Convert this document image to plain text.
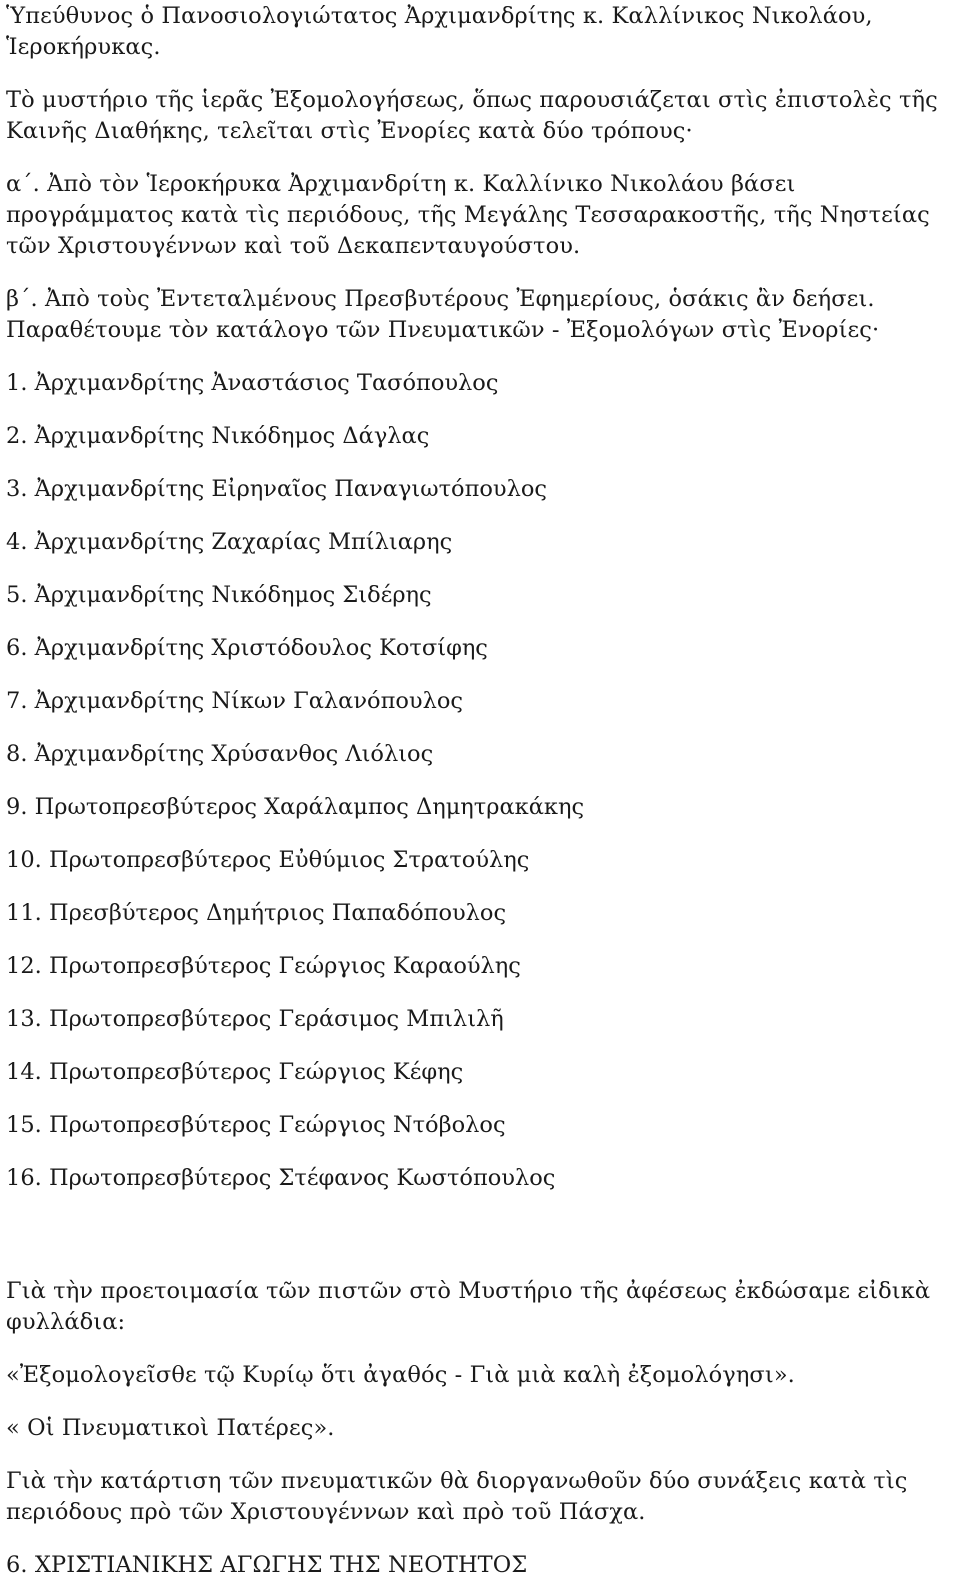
Ὑπεύθυνος ὁ Πανοσιολογιώτατος Ἀρχιμανδρίτης κ. Καλλίνικος Νικολάου,

Ἱεροκήρυκας.

Τὸ μυστήριο τῆς ἱερᾶς Ἐξομολογήσεως, ὅπως παρουσιάζεται στὶς ἐπιστολὲς τῆς

Καινῆς Διαθήκης, τελεῖται στὶς Ἐνορίες κατὰ δύο τρόπους·

α΄. Ἀπὸ τὸν Ἱεροκήρυκα Ἀρχιμανδρίτη κ. Καλλίνικο Νικολάου βάσει

προγράμματος κατὰ τὶς περιόδους, τῆς Μεγάλης Τεσσαρακοστῆς, τῆς Νηστείας

τῶν Χριστουγέννων καὶ τοῦ Δεκαπενταυγούστου.

β΄. Ἀπὸ τοὺς Ἐντεταλμένους Πρεσβυτέρους Ἐφημερίους, ὁσάκις ἂν δεήσει.

Παραθέτουμε τὸν κατάλογο τῶν Πνευματικῶν - Ἐξομολόγων στὶς Ἐνορίες·

1. Ἀρχιμανδρίτης Ἀναστάσιος Τασόπουλος

2. Ἀρχιμανδρίτης Νικόδημος Δάγλας

3. Ἀρχιμανδρίτης Εἰρηναῖος Παναγιωτόπουλος

4. Ἀρχιμανδρίτης Ζαχαρίας Μπίλιαρης

5. Ἀρχιμανδρίτης Νικόδημος Σιδέρης

6. Ἀρχιμανδρίτης Χριστόδουλος Κοτσίφης

7. Ἀρχιμανδρίτης Νίκων Γαλανόπουλος

8. Ἀρχιμανδρίτης Χρύσανθος Λιόλιος

9. Πρωτοπρεσβύτερος Χαράλαμπος Δημητρακάκης

10. Πρωτοπρεσβύτερος Εὐθύμιος Στρατούλης

11. Πρεσβύτερος Δημήτριος Παπαδόπουλος

12. Πρωτοπρεσβύτερος Γεώργιος Καραούλης

13. Πρωτοπρεσβύτερος Γεράσιμος Μπιλιλῆ

14. Πρωτοπρεσβύτερος Γεώργιος Κέφης

15. Πρωτοπρεσβύτερος Γεώργιος Ντόβολος

16. Πρωτοπρεσβύτερος Στέφανος Κωστόπουλος

Γιὰ τὴν προετοιμασία τῶν πιστῶν στὸ Μυστήριο τῆς ἀφέσεως ἐκδώσαμε εἰδικὰ

φυλλάδια:

«Ἐξομολογεῖσθε τῷ Κυρίῳ ὅτι ἀγαθός - Γιὰ μιὰ καλὴ ἐξομολόγησι».

« Οἱ Πνευματικοὶ Πατέρες».

Γιὰ τὴν κατάρτιση τῶν πνευματικῶν θὰ διοργανωθοῦν δύο συνάξεις κατὰ τὶς

περιόδους πρὸ τῶν Χριστουγέννων καὶ πρὸ τοῦ Πάσχα.

6. ΧΡΙΣΤΙΑΝΙΚΗΣ ΑΓΩΓΗΣ ΤΗΣ ΝΕΟΤΗΤΟΣ
